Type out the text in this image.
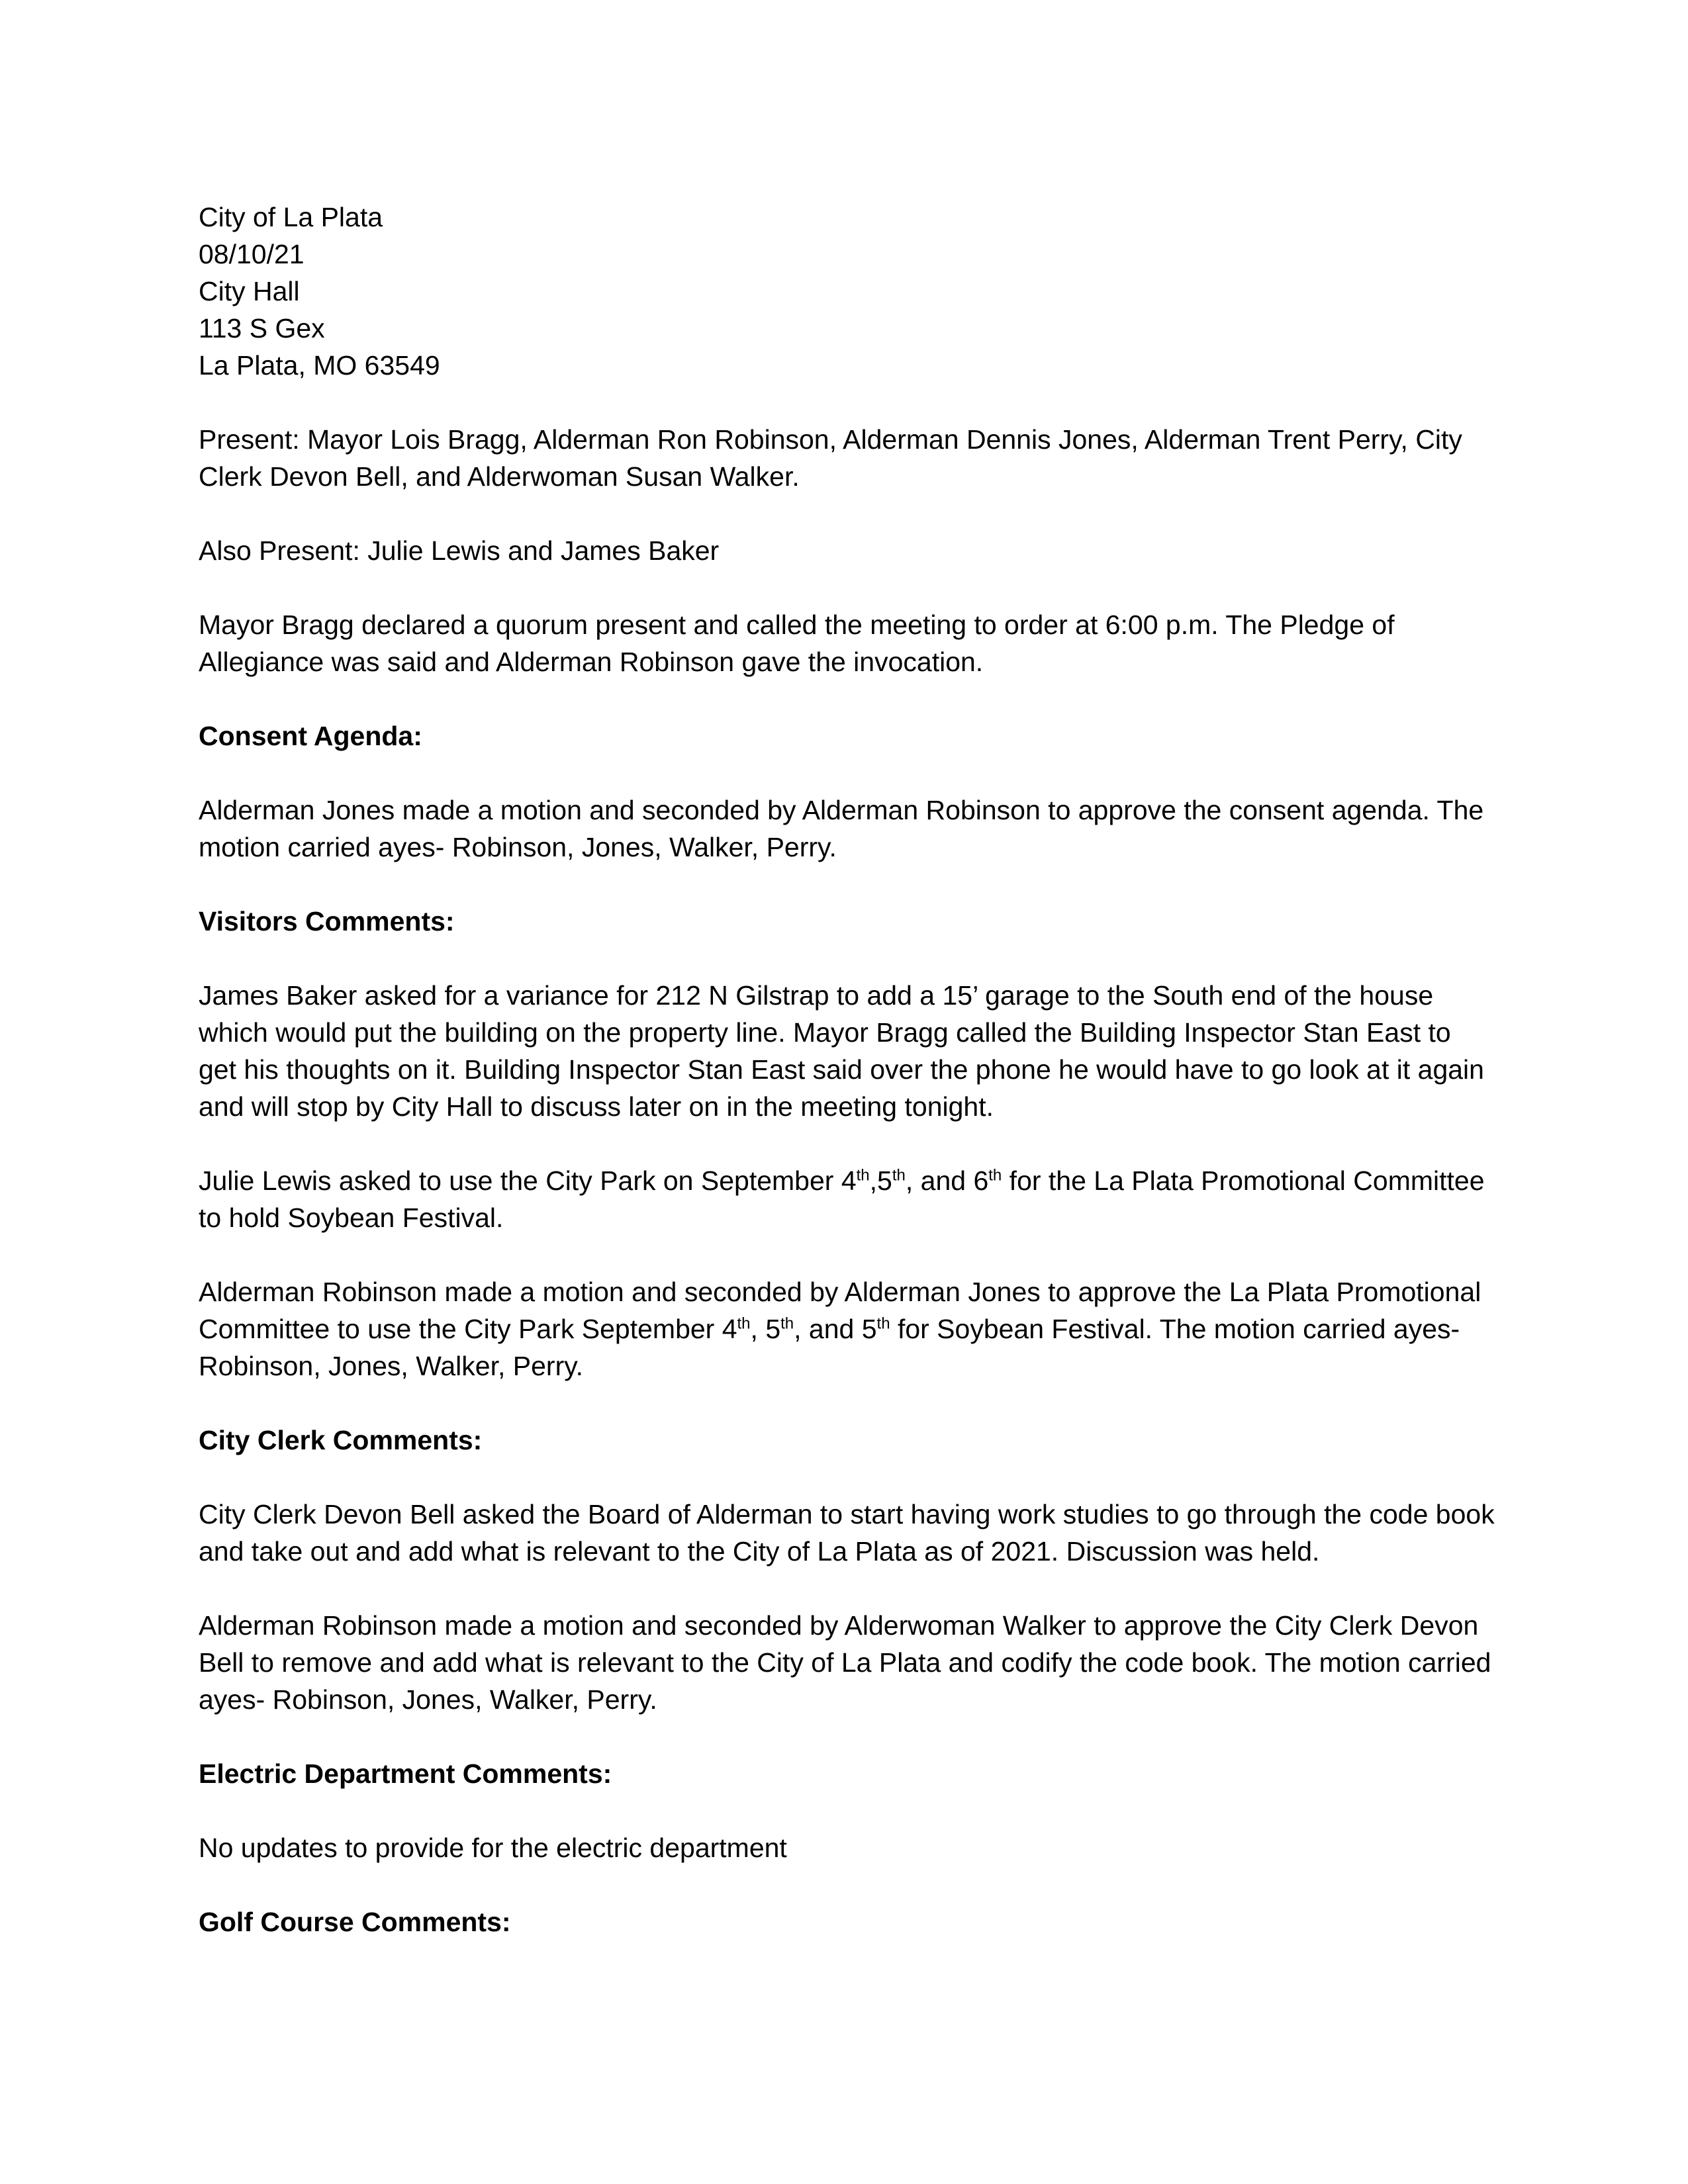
City of La Plata
08/10/21
City Hall
113 S Gex
La Plata, MO 63549

Present: Mayor Lois Bragg, Alderman Ron Robinson, Alderman Dennis Jones, Alderman Trent Perry, City Clerk Devon Bell, and Alderwoman Susan Walker.

Also Present: Julie Lewis and James Baker

Mayor Bragg declared a quorum present and called the meeting to order at 6:00 p.m. The Pledge of Allegiance was said and Alderman Robinson gave the invocation.

Consent Agenda:

Alderman Jones made a motion and seconded by Alderman Robinson to approve the consent agenda. The motion carried ayes- Robinson, Jones, Walker, Perry.

Visitors Comments:

James Baker asked for a variance for 212 N Gilstrap to add a 15’ garage to the South end of the house which would put the building on the property line. Mayor Bragg called the Building Inspector Stan East to get his thoughts on it. Building Inspector Stan East said over the phone he would have to go look at it again and will stop by City Hall to discuss later on in the meeting tonight.

Julie Lewis asked to use the City Park on September 4th,5th, and 6th for the La Plata Promotional Committee to hold Soybean Festival.

Alderman Robinson made a motion and seconded by Alderman Jones to approve the La Plata Promotional Committee to use the City Park September 4th, 5th, and 5th for Soybean Festival. The motion carried ayes- Robinson, Jones, Walker, Perry.

City Clerk Comments:

City Clerk Devon Bell asked the Board of Alderman to start having work studies to go through the code book and take out and add what is relevant to the City of La Plata as of 2021. Discussion was held.

Alderman Robinson made a motion and seconded by Alderwoman Walker to approve the City Clerk Devon Bell to remove and add what is relevant to the City of La Plata and codify the code book. The motion carried ayes- Robinson, Jones, Walker, Perry.

Electric Department Comments:

No updates to provide for the electric department

Golf Course Comments:
